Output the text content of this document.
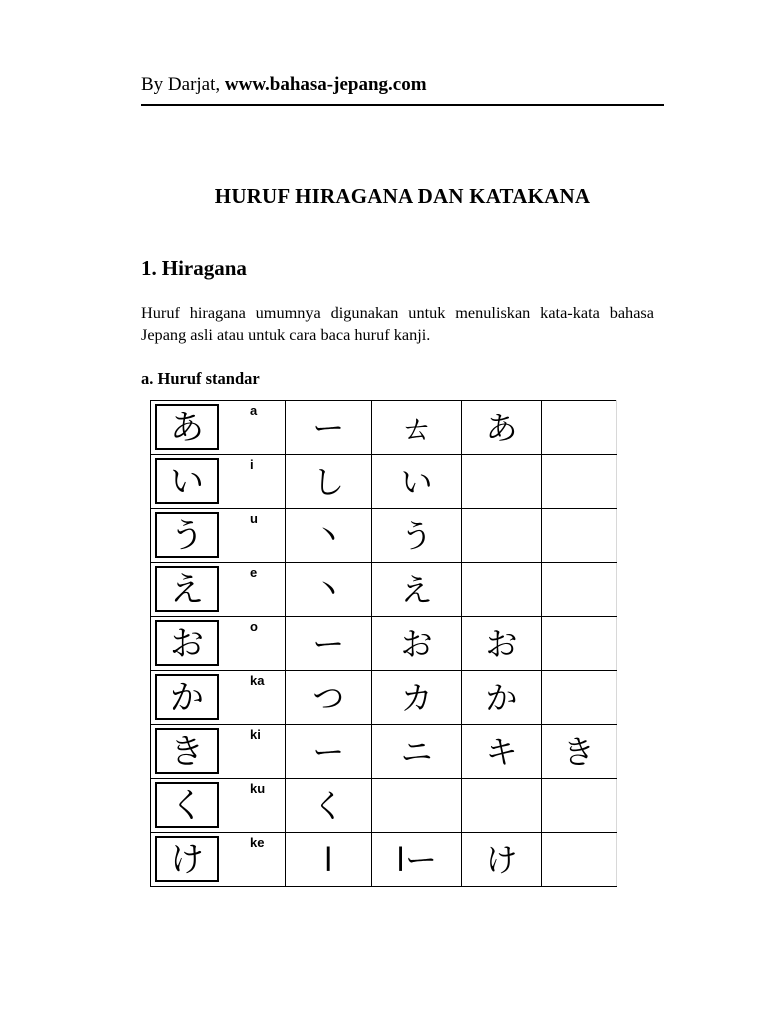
By Darjat, www.bahasa-jepang.com
HURUF HIRAGANA DAN KATAKANA
1. Hiragana
Huruf hiragana umumnya digunakan untuk menuliskan kata-kata bahasa Jepang asli atau untuk cara baca huruf kanji.
a. Huruf standar
あ a	ー	ㄊ	あ	

い i	し	い		

う u	丶	う		

え e	丶	え		

お o	ー	お	お	

か ka	つ	カ	か	

き ki	ー	ニ	キ	き

く ku	く			

け ke	l	lー	け	
